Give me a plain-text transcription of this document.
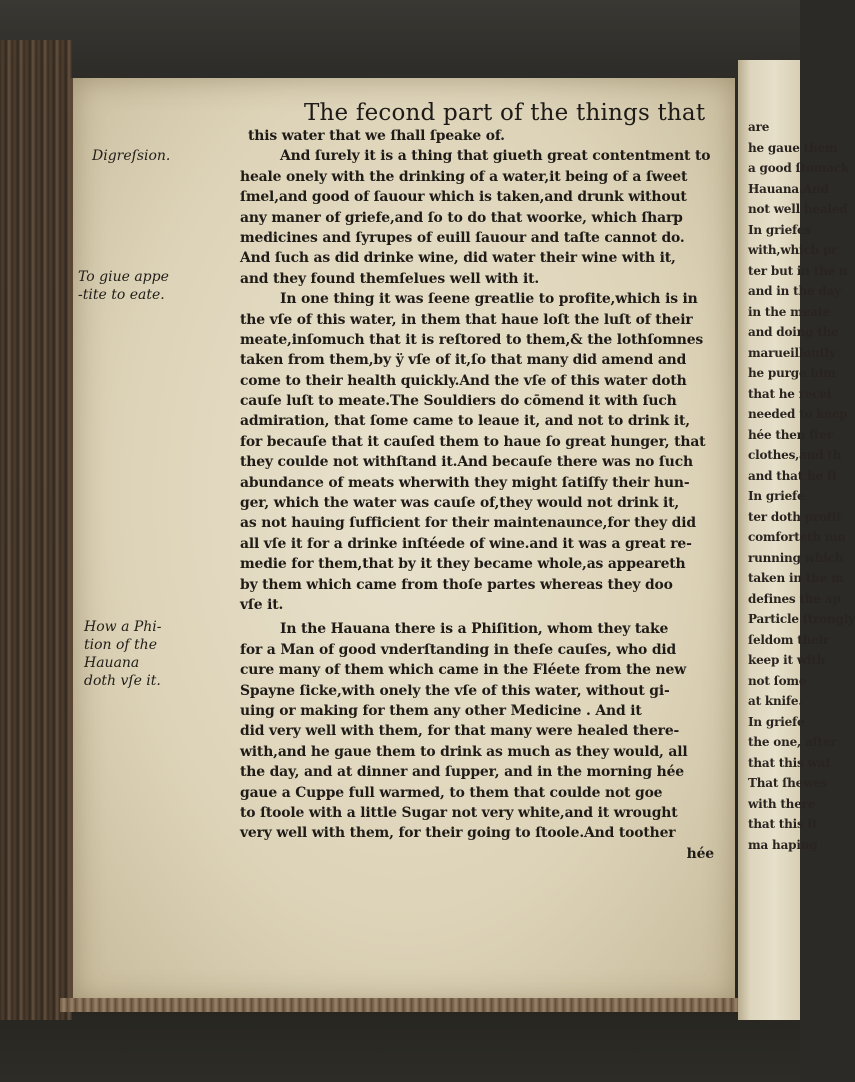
are
he gaue them
a good ſtomack
Hauana.And
not well healed
In griefes
with,which pr
ter but in the n
and in the day
in the meate
and doing the
marueillouſly
he purge him
that he recei
needed to keep
hée then ſter
clothes,and th
and that he ſt
In griefe
ter doth profit
comforteth mo
running which
taken in the m
defines the ap
Particle ſtrongly
ſeldom their
keep it with
not ſome
at knife.
In griefe
the one, after
that this wat
That ſhewes
with there
that this it
ma haping
The fecond part of the things that
Digreſsion.
To giue appe
-tite to eate.
How a Phi-
tion of the
Hauana
doth vſe it.
this water that we ſhall ſpeake of.
And ſurely it is a thing that giueth great contentment to
heale onely with the drinking of a water,it being of a ſweet
ſmel,and good of ſauour which is taken,and drunk without
any maner of griefe,and ſo to do that woorke, which ſharp
medicines and ſyrupes of euill ſauour and taſte cannot do.
And ſuch as did drinke wine, did water their wine with it,
and they found themſelues well with it.
In one thing it was ſeene greatlie to profite,which is in
the vſe of this water, in them that haue loſt the luſt of their
meate,inſomuch that it is reſtored to them,& the lothſomnes
taken from them,by ÿ vſe of it,ſo that many did amend and
come to their health quickly.And the vſe of this water doth
cauſe luſt to meate.The Souldiers do cōmend it with ſuch
admiration, that ſome came to leaue it, and not to drink it,
for becauſe that it cauſed them to haue ſo great hunger, that
they coulde not withſtand it.And becauſe there was no ſuch
abundance of meats wherwith they might ſatiſfy their hun-
ger, which the water was cauſe of,they would not drink it,
as not hauing ſufficient for their maintenaunce,for they did
all vſe it for a drinke inſtéede of wine.and it was a great re-
medie for them,that by it they became whole,as appeareth
by them which came from thoſe partes whereas they doo
vſe it.
In the Hauana there is a Phiſition, whom they take
for a Man of good vnderſtanding in theſe cauſes, who did
cure many of them which came in the Fléete from the new
Spayne ſicke,with onely the vſe of this water, without gi-
uing or making for them any other Medicine . And it
did very well with them, for that many were healed there-
with,and he gaue them to drink as much as they would, all
the day, and at dinner and ſupper, and in the morning hée
gaue a Cuppe full warmed, to them that coulde not goe
to ſtoole with a little Sugar not very white,and it wrought
very well with them, for their going to ſtoole.And toother
hée
